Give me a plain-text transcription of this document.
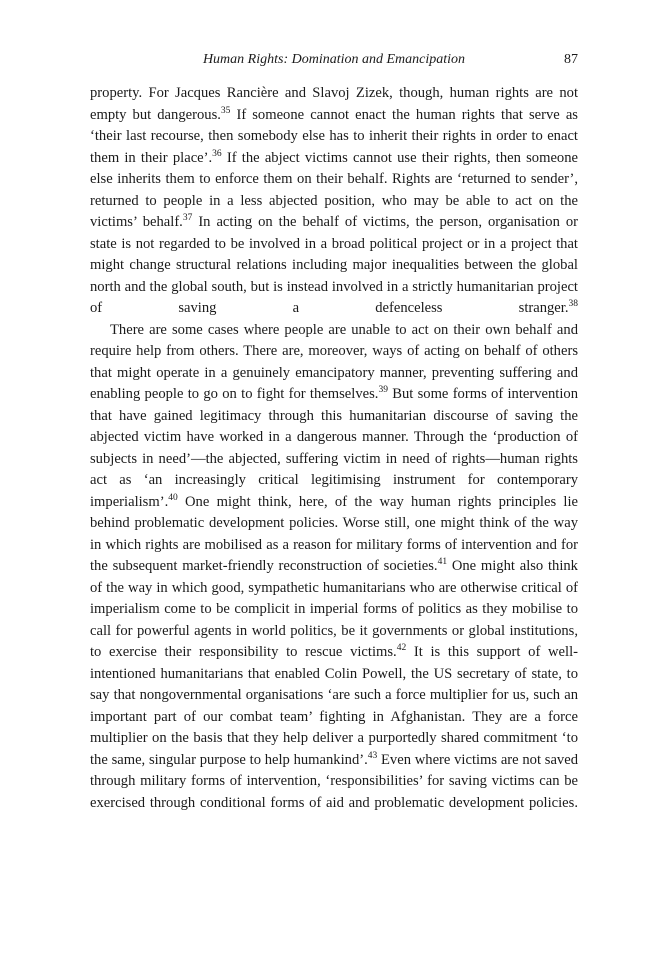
Human Rights: Domination and Emancipation	87

property. For Jacques Rancière and Slavoj Zizek, though, human rights are not empty but dangerous.$^{35}$ If someone cannot enact the human rights that serve as ‘their last recourse, then somebody else has to inherit their rights in order to enact them in their place’.$^{36}$ If the abject victims cannot use their rights, then someone else inherits them to enforce them on their behalf. Rights are ‘returned to sender’, returned to people in a less abjected position, who may be able to act on the victims’ behalf.$^{37}$ In acting on the behalf of victims, the person, organisation or state is not regarded to be involved in a broad political project or in a project that might change structural relations including major inequalities between the global north and the global south, but is instead involved in a strictly humanitarian project of saving a defenceless stranger.$^{38}$

There are some cases where people are unable to act on their own behalf and require help from others. There are, moreover, ways of acting on behalf of others that might operate in a genuinely emancipatory manner, preventing suffering and enabling people to go on to fight for themselves.$^{39}$ But some forms of intervention that have gained legitimacy through this humanitarian discourse of saving the abjected victim have worked in a dangerous manner. Through the ‘production of subjects in need’—the abjected, suffering victim in need of rights—human rights act as ‘an increasingly critical legitimising instrument for contemporary imperialism’.$^{40}$ One might think, here, of the way human rights principles lie behind problematic development policies. Worse still, one might think of the way in which rights are mobilised as a reason for military forms of intervention and for the subsequent market-friendly reconstruction of societies.$^{41}$ One might also think of the way in which good, sympathetic humanitarians who are otherwise critical of imperialism come to be complicit in imperial forms of politics as they mobilise to call for powerful agents in world politics, be it governments or global institutions, to exercise their responsibility to rescue victims.$^{42}$ It is this support of well-intentioned humanitarians that enabled Colin Powell, the US secretary of state, to say that nongovernmental organisations ‘are such a force multiplier for us, such an important part of our combat team’ fighting in Afghanistan. They are a force multiplier on the basis that they help deliver a purportedly shared commitment ‘to the same, singular purpose to help humankind’.$^{43}$ Even where victims are not saved through military forms of intervention, ‘responsibilities’ for saving victims can be exercised through conditional forms of aid and problematic development policies.
